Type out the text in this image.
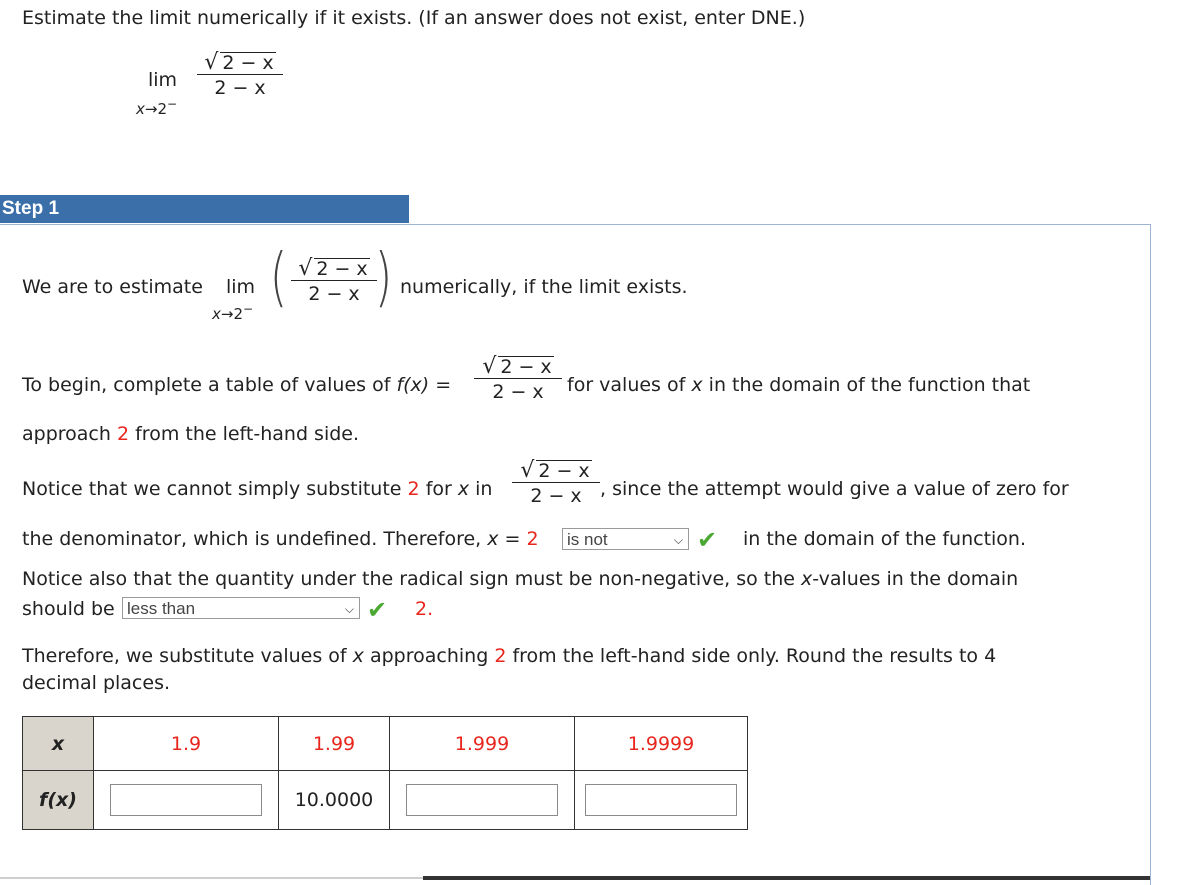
Estimate the limit numerically if it exists. (If an answer does not exist, enter DNE.)
lim
x→2−
√ 2 − x
2 − x
Step 1
We are to estimate lim
x→2− ( √ 2 − x
2 − x ) numerically, if the limit exists.
To begin, complete a table of values of f(x) =
√ 2 − x
2 − x	for values of x in the domain of the function that
approach 2 from the left-hand side.
Notice that we cannot simply substitute 2 for x in
√ 2 − x
2 − x , since the attempt would give a value of zero for
the denominator, which is undefined. Therefore, x = 2 is not	⌵ ✔ in the domain of the function.
Notice also that the quantity under the radical sign must be non-negative, so the x-values in the domain
should be less than	⌵ ✔ 2.
Therefore, we substitute values of x approaching 2 from the left-hand side only. Round the results to 4
decimal places.
x	1.9	1.99	1.999	1.9999
f(x)		10.0000		
